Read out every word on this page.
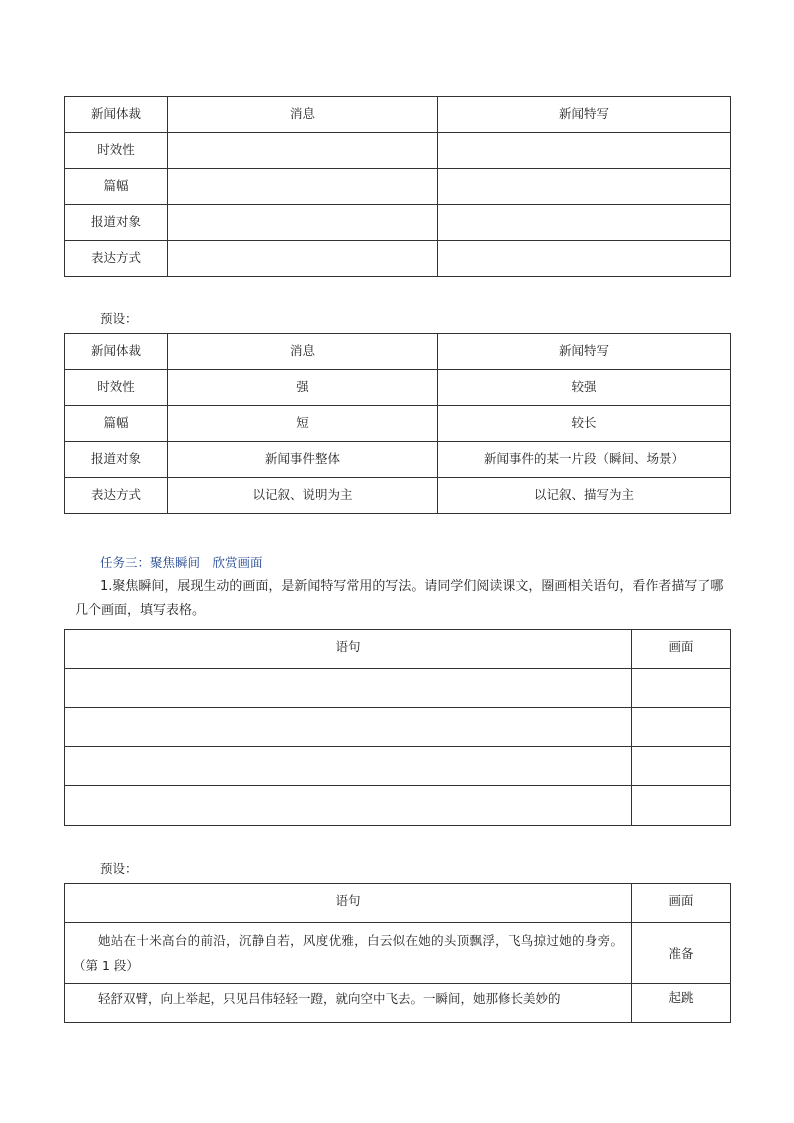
新闻体裁	消息	新闻特写

时效性		

篇幅		

报道对象		

表达方式		

预设：
新闻体裁	消息	新闻特写

时效性	强	较强

篇幅	短	较长

报道对象	新闻事件整体	新闻事件的某一片段（瞬间、场景）

表达方式	以记叙、说明为主	以记叙、描写为主
任务三：聚焦瞬间　欣赏画面
1.聚焦瞬间，展现生动的画面，是新闻特写常用的写法。请同学们阅读课文，圈画相关语句，看作者描写了哪几个画面，填写表格。
语句	画面

预设：
语句	画面

她站在十米高台的前沿，沉静自若，风度优雅，白云似在她的头顶飘浮，飞鸟掠过她的身旁。（第 1 段）	准备

轻舒双臂，向上举起，只见吕伟轻轻一蹬，就向空中飞去。一瞬间，她那修长美妙的	起跳
